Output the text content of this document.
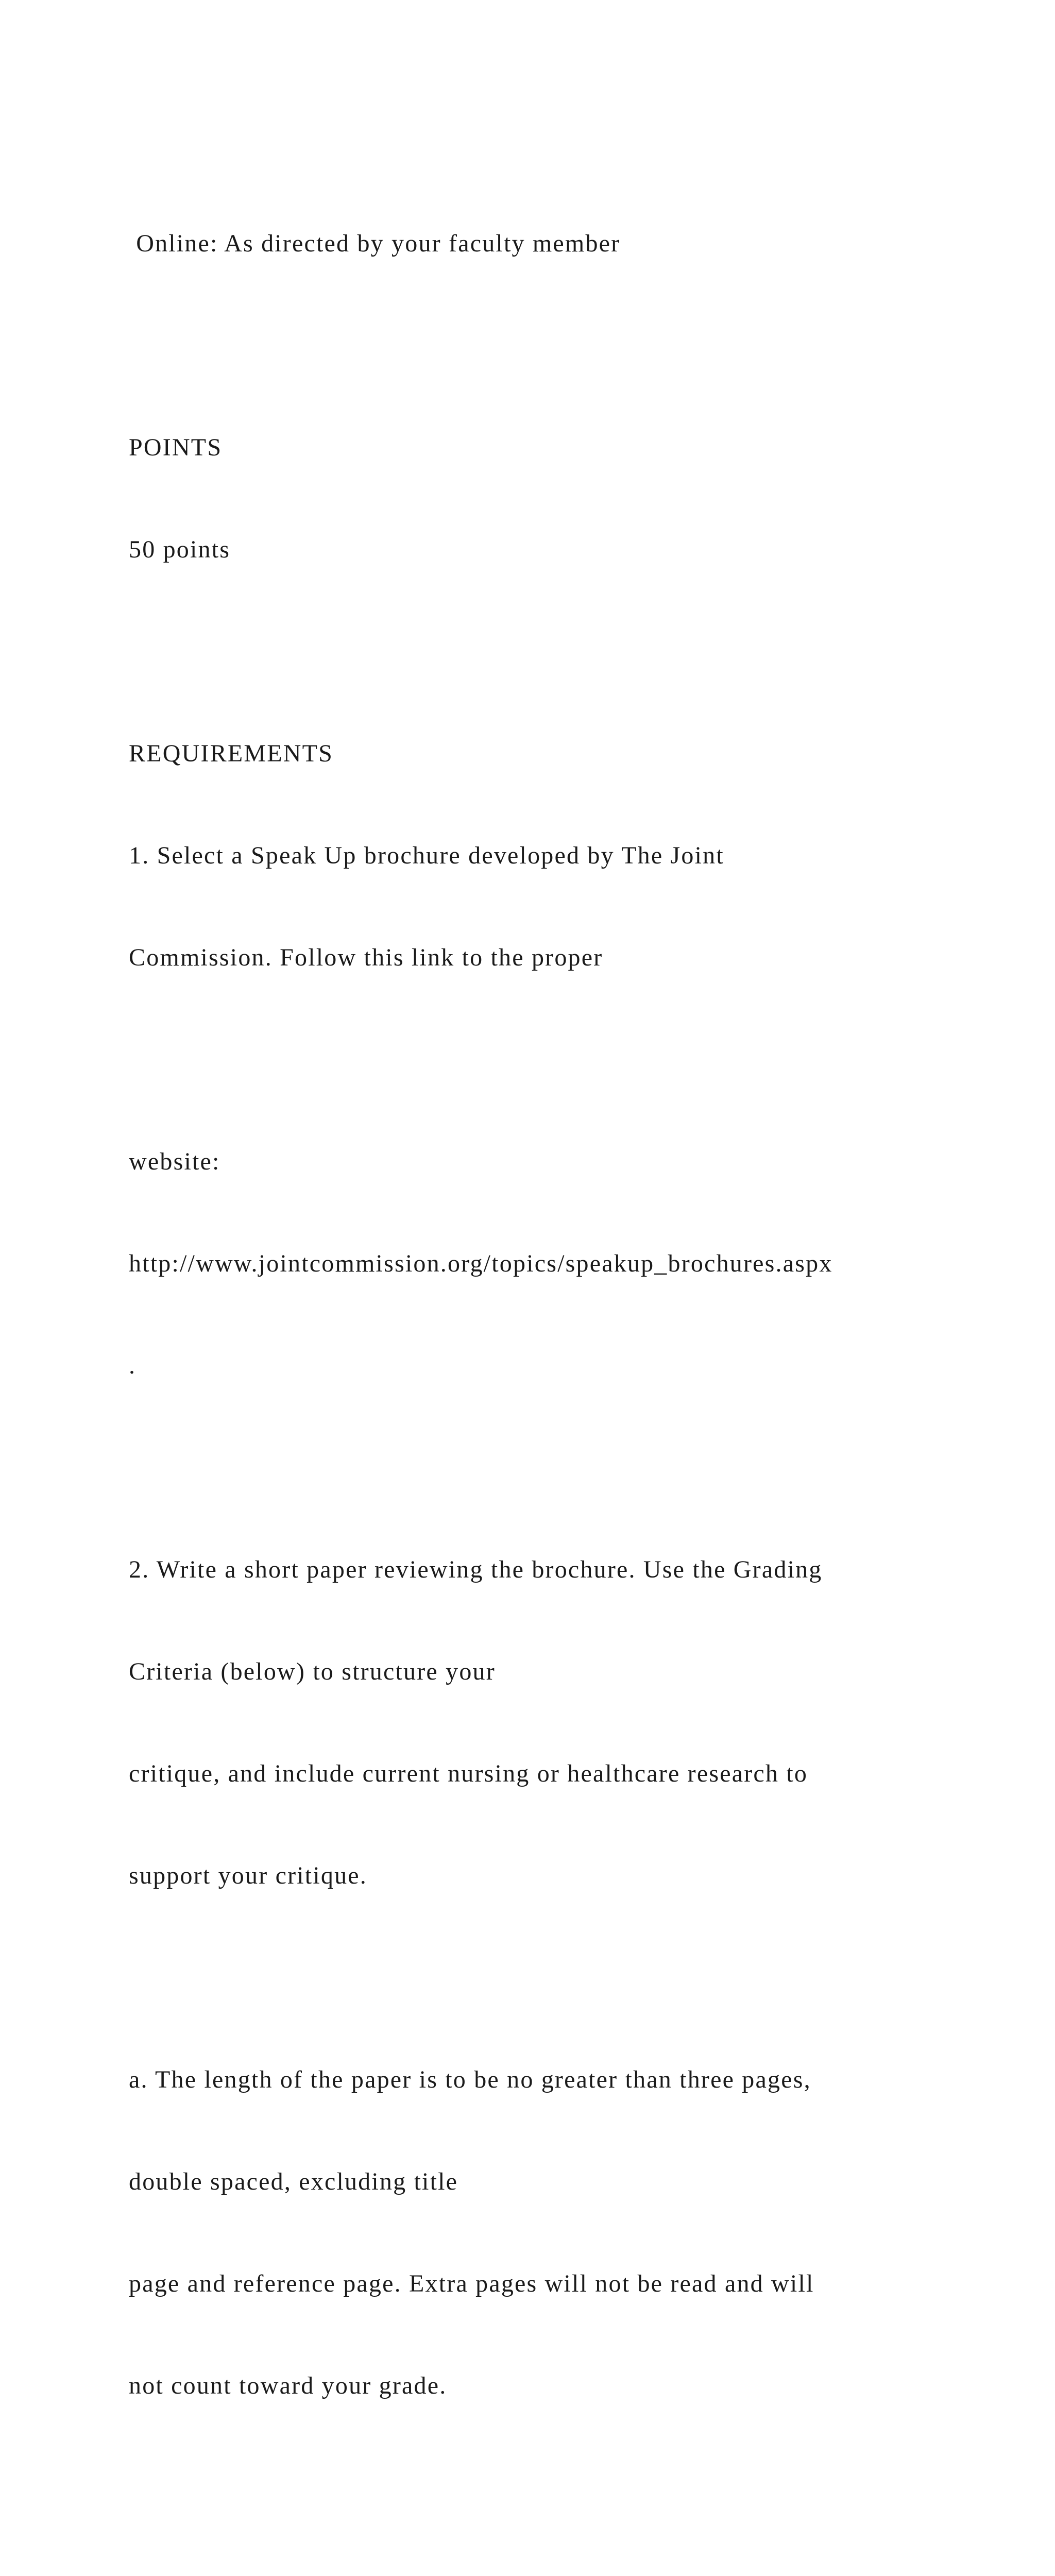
Online: As directed by your faculty member

POINTS

50 points

REQUIREMENTS

1. Select a Speak Up brochure developed by The Joint

Commission. Follow this link to the proper

website:

http://www.jointcommission.org/topics/speakup_brochures.aspx

.

2. Write a short paper reviewing the brochure. Use the Grading

Criteria (below) to structure your

critique, and include current nursing or healthcare research to

support your critique.

a. The length of the paper is to be no greater than three pages,

double spaced, excluding title

page and reference page. Extra pages will not be read and will

not count toward your grade.
